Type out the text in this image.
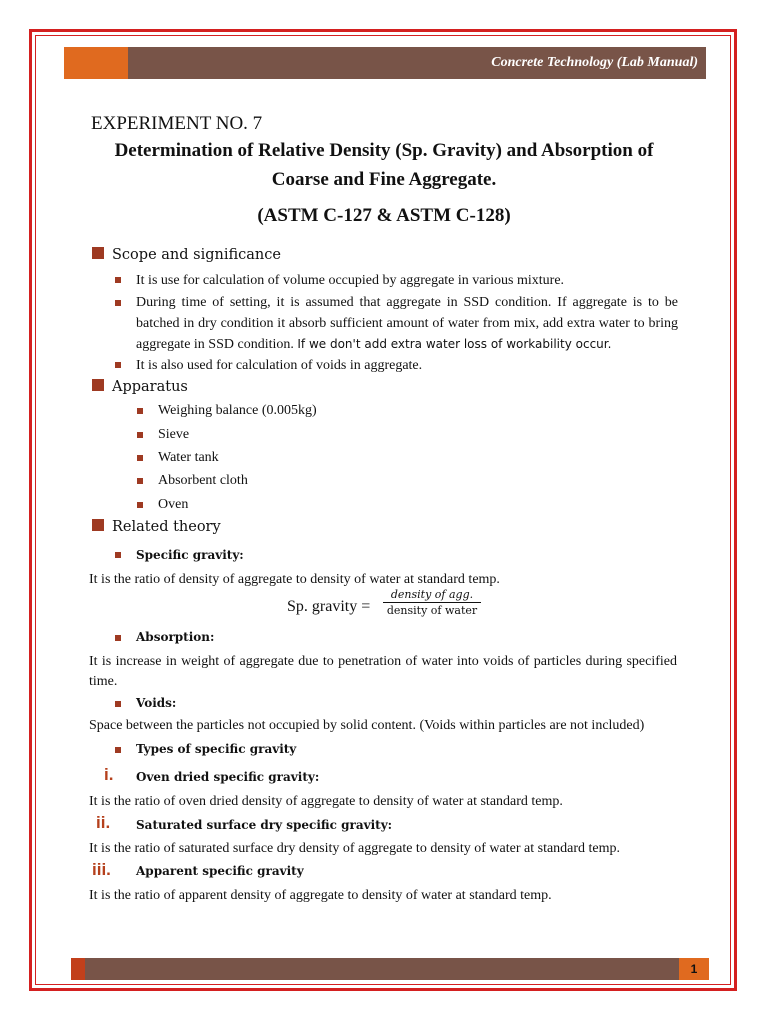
Concrete Technology (Lab Manual)
EXPERIMENT NO. 7
Determination of Relative Density (Sp. Gravity) and Absorption of Coarse and Fine Aggregate.
(ASTM C-127 & ASTM C-128)
Scope and significance
It is use for calculation of volume occupied by aggregate in various mixture.
During time of setting, it is assumed that aggregate in SSD condition. If aggregate is to be batched in dry condition it absorb sufficient amount of water from mix, add extra water to bring aggregate in SSD condition. If we don't add extra water loss of workability occur.
It is also used for calculation of voids in aggregate.
Apparatus
Weighing balance (0.005kg)
Sieve
Water tank
Absorbent cloth
Oven
Related theory
Specific gravity:
It is the ratio of density of aggregate to density of water at standard temp.
Sp. gravity =
density of agg.
density of water
Absorption:
It is increase in weight of aggregate due to penetration of water into voids of particles during specified time.
Voids:
Space between the particles not occupied by solid content. (Voids within particles are not included)
Types of specific gravity
i. Oven dried specific gravity:
It is the ratio of oven dried density of aggregate to density of water at standard temp.
ii. Saturated surface dry specific gravity:
It is the ratio of saturated surface dry density of aggregate to density of water at standard temp.
iii. Apparent specific gravity
It is the ratio of apparent density of aggregate to density of water at standard temp.
1
